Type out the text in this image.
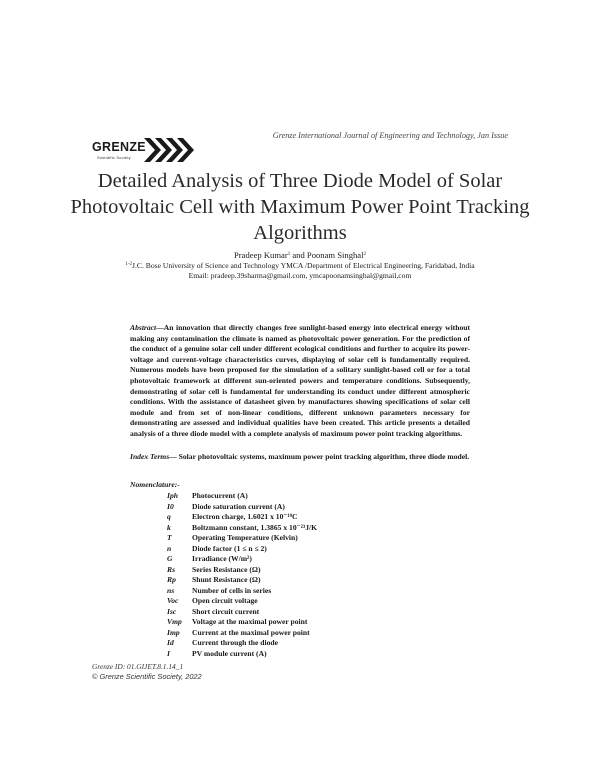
GRENZE
Scientific Society
Grenze International Journal of Engineering and Technology, Jan Issue
Detailed Analysis of Three Diode Model of Solar
Photovoltaic Cell with Maximum Power Point Tracking
Algorithms
Pradeep Kumar$^1$ and Poonam Singhal$^2$
$^{1-2}$J.C. Bose University of Science and Technology YMCA /Department of Electrical Engineering, Faridabad, India
Email: pradeep.39sharma@gmail.com, ymcapoonamsinghal@gmail,com
Abstract—An innovation that directly changes free sunlight-based energy into electrical energy without making any contamination the climate is named as photovoltaic power generation. For the prediction of the conduct of a genuine solar cell under different ecological conditions and further to acquire its power-voltage and current-voltage characteristics curves, displaying of solar cell is fundamentally required. Numerous models have been proposed for the simulation of a solitary sunlight-based cell or for a total photovoltaic framework at different sun-oriented powers and temperature conditions. Subsequently, demonstrating of solar cell is fundamental for understanding its conduct under different atmospheric conditions. With the assistance of datasheet given by manufactures showing specifications of solar cell module and from set of non-linear conditions, different unknown parameters necessary for demonstrating are assessed and individual qualities have been created. This article presents a detailed analysis of a three diode model with a complete analysis of maximum power point tracking algorithms.
Index Terms— Solar photovoltaic systems, maximum power point tracking algorithm, three diode model.
Nomenclature:-
Iph Photocurrent (A)
I0 Diode saturation current (A)
q	Electron charge, 1.6021 x 10⁻¹⁹C
k	Boltzmann constant, 1.3865 x 10⁻²³J/K
T	Operating Temperature (Kelvin)
n	Diode factor (1 ≤ n ≤ 2)
G	Irradiance (W/m²)
Rs Series Resistance (Ω)
Rp Shunt Resistance (Ω)
ns Number of cells in series
Voc Open circuit voltage
Isc Short circuit current
Vmp Voltage at the maximal power point
Imp Current at the maximal power point
Id Current through the diode
I	PV module current (A)
Grenze ID: 01.GIJET.8.1.14_1
© Grenze Scientific Society, 2022
